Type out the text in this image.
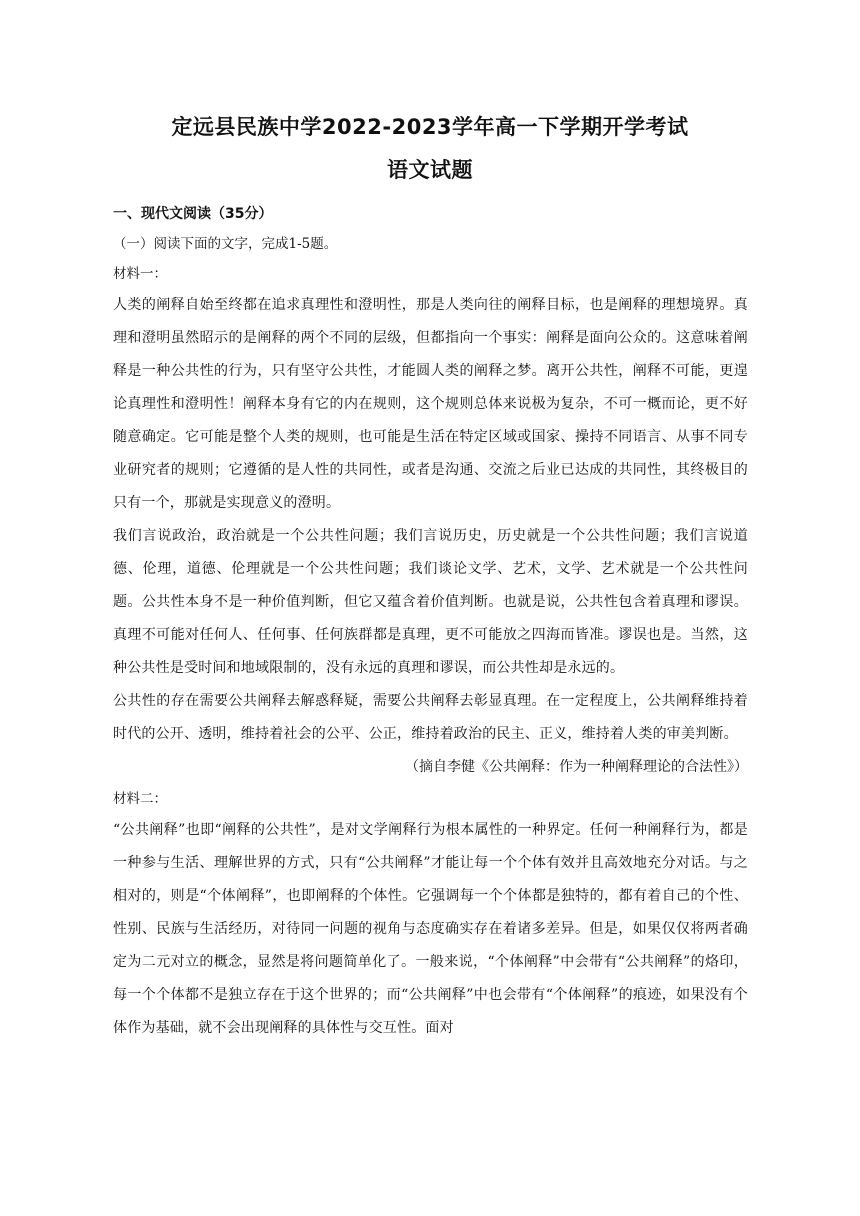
定远县民族中学2022-2023学年高一下学期开学考试
语文试题
一、现代文阅读（35分）
（一）阅读下面的文字，完成1-5题。
材料一：

人类的阐释自始至终都在追求真理性和澄明性，那是人类向往的阐释目标，也是阐释的理想境界。真理和澄明虽然昭示的是阐释的两个不同的层级，但都指向一个事实：阐释是面向公众的。这意味着阐释是一种公共性的行为，只有坚守公共性，才能圆人类的阐释之梦。离开公共性，阐释不可能，更遑论真理性和澄明性！阐释本身有它的内在规则，这个规则总体来说极为复杂，不可一概而论，更不好随意确定。它可能是整个人类的规则，也可能是生活在特定区域或国家、操持不同语言、从事不同专业研究者的规则；它遵循的是人性的共同性，或者是沟通、交流之后业已达成的共同性，其终极目的只有一个，那就是实现意义的澄明。

我们言说政治，政治就是一个公共性问题；我们言说历史，历史就是一个公共性问题；我们言说道德、伦理，道德、伦理就是一个公共性问题；我们谈论文学、艺术，文学、艺术就是一个公共性问题。公共性本身不是一种价值判断，但它又蕴含着价值判断。也就是说，公共性包含着真理和谬误。真理不可能对任何人、任何事、任何族群都是真理，更不可能放之四海而皆准。谬误也是。当然，这种公共性是受时间和地域限制的，没有永远的真理和谬误，而公共性却是永远的。

公共性的存在需要公共阐释去解惑释疑，需要公共阐释去彰显真理。在一定程度上，公共阐释维持着时代的公开、透明，维持着社会的公平、公正，维持着政治的民主、正义，维持着人类的审美判断。

（摘自李健《公共阐释：作为一种阐释理论的合法性》）
材料二：

“公共阐释”也即“阐释的公共性”，是对文学阐释行为根本属性的一种界定。任何一种阐释行为，都是一种参与生活、理解世界的方式，只有“公共阐释”才能让每一个个体有效并且高效地充分对话。与之相对的，则是“个体阐释”，也即阐释的个体性。它强调每一个个体都是独特的，都有着自己的个性、性别、民族与生活经历，对待同一问题的视角与态度确实存在着诸多差异。但是，如果仅仅将两者确定为二元对立的概念，显然是将问题简单化了。一般来说，“个体阐释”中会带有“公共阐释”的烙印，每一个个体都不是独立存在于这个世界的；而“公共阐释”中也会带有“个体阐释”的痕迹，如果没有个体作为基础，就不会出现阐释的具体性与交互性。面对
